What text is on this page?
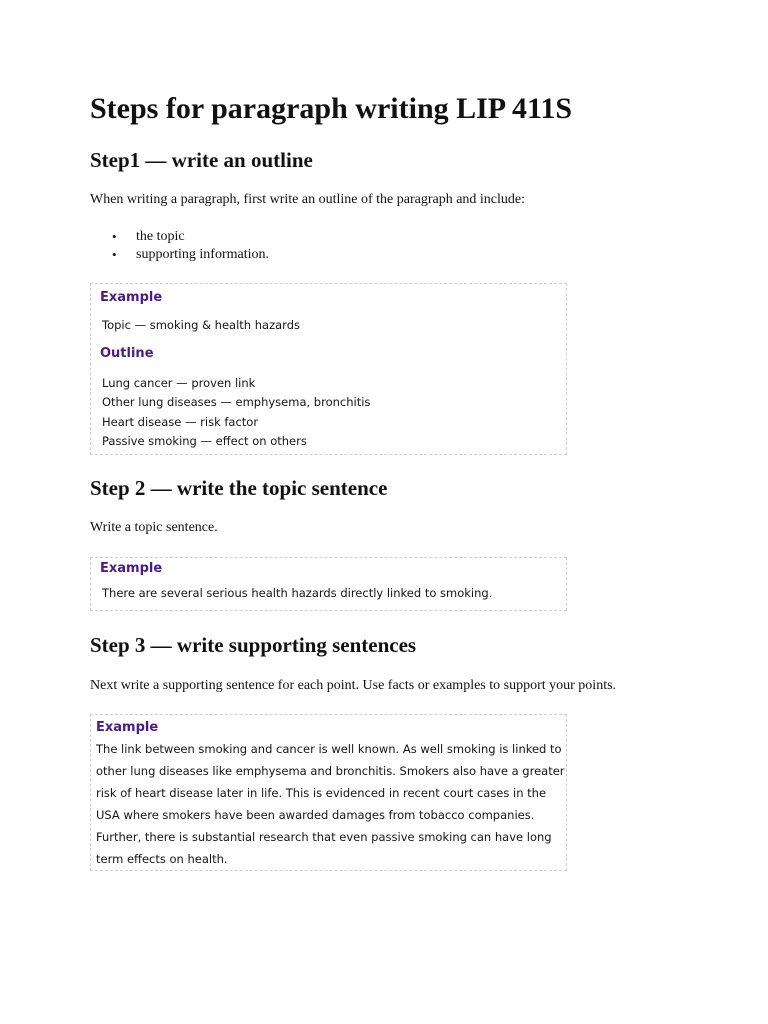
Steps for paragraph writing LIP 411S
Step1 — write an outline

When writing a paragraph, first write an outline of the paragraph and include:

• the topic
• supporting information.
Example
Topic — smoking & health hazards
Outline
Lung cancer — proven link
Other lung diseases — emphysema, bronchitis
Heart disease — risk factor
Passive smoking — effect on others
Step 2 — write the topic sentence

Write a topic sentence.

Example
There are several serious health hazards directly linked to smoking.
Step 3 — write supporting sentences

Next write a supporting sentence for each point. Use facts or examples to support your points.

Example
The link between smoking and cancer is well known. As well smoking is linked to
other lung diseases like emphysema and bronchitis. Smokers also have a greater
risk of heart disease later in life. This is evidenced in recent court cases in the
USA where smokers have been awarded damages from tobacco companies.
Further, there is substantial research that even passive smoking can have long
term effects on health.
